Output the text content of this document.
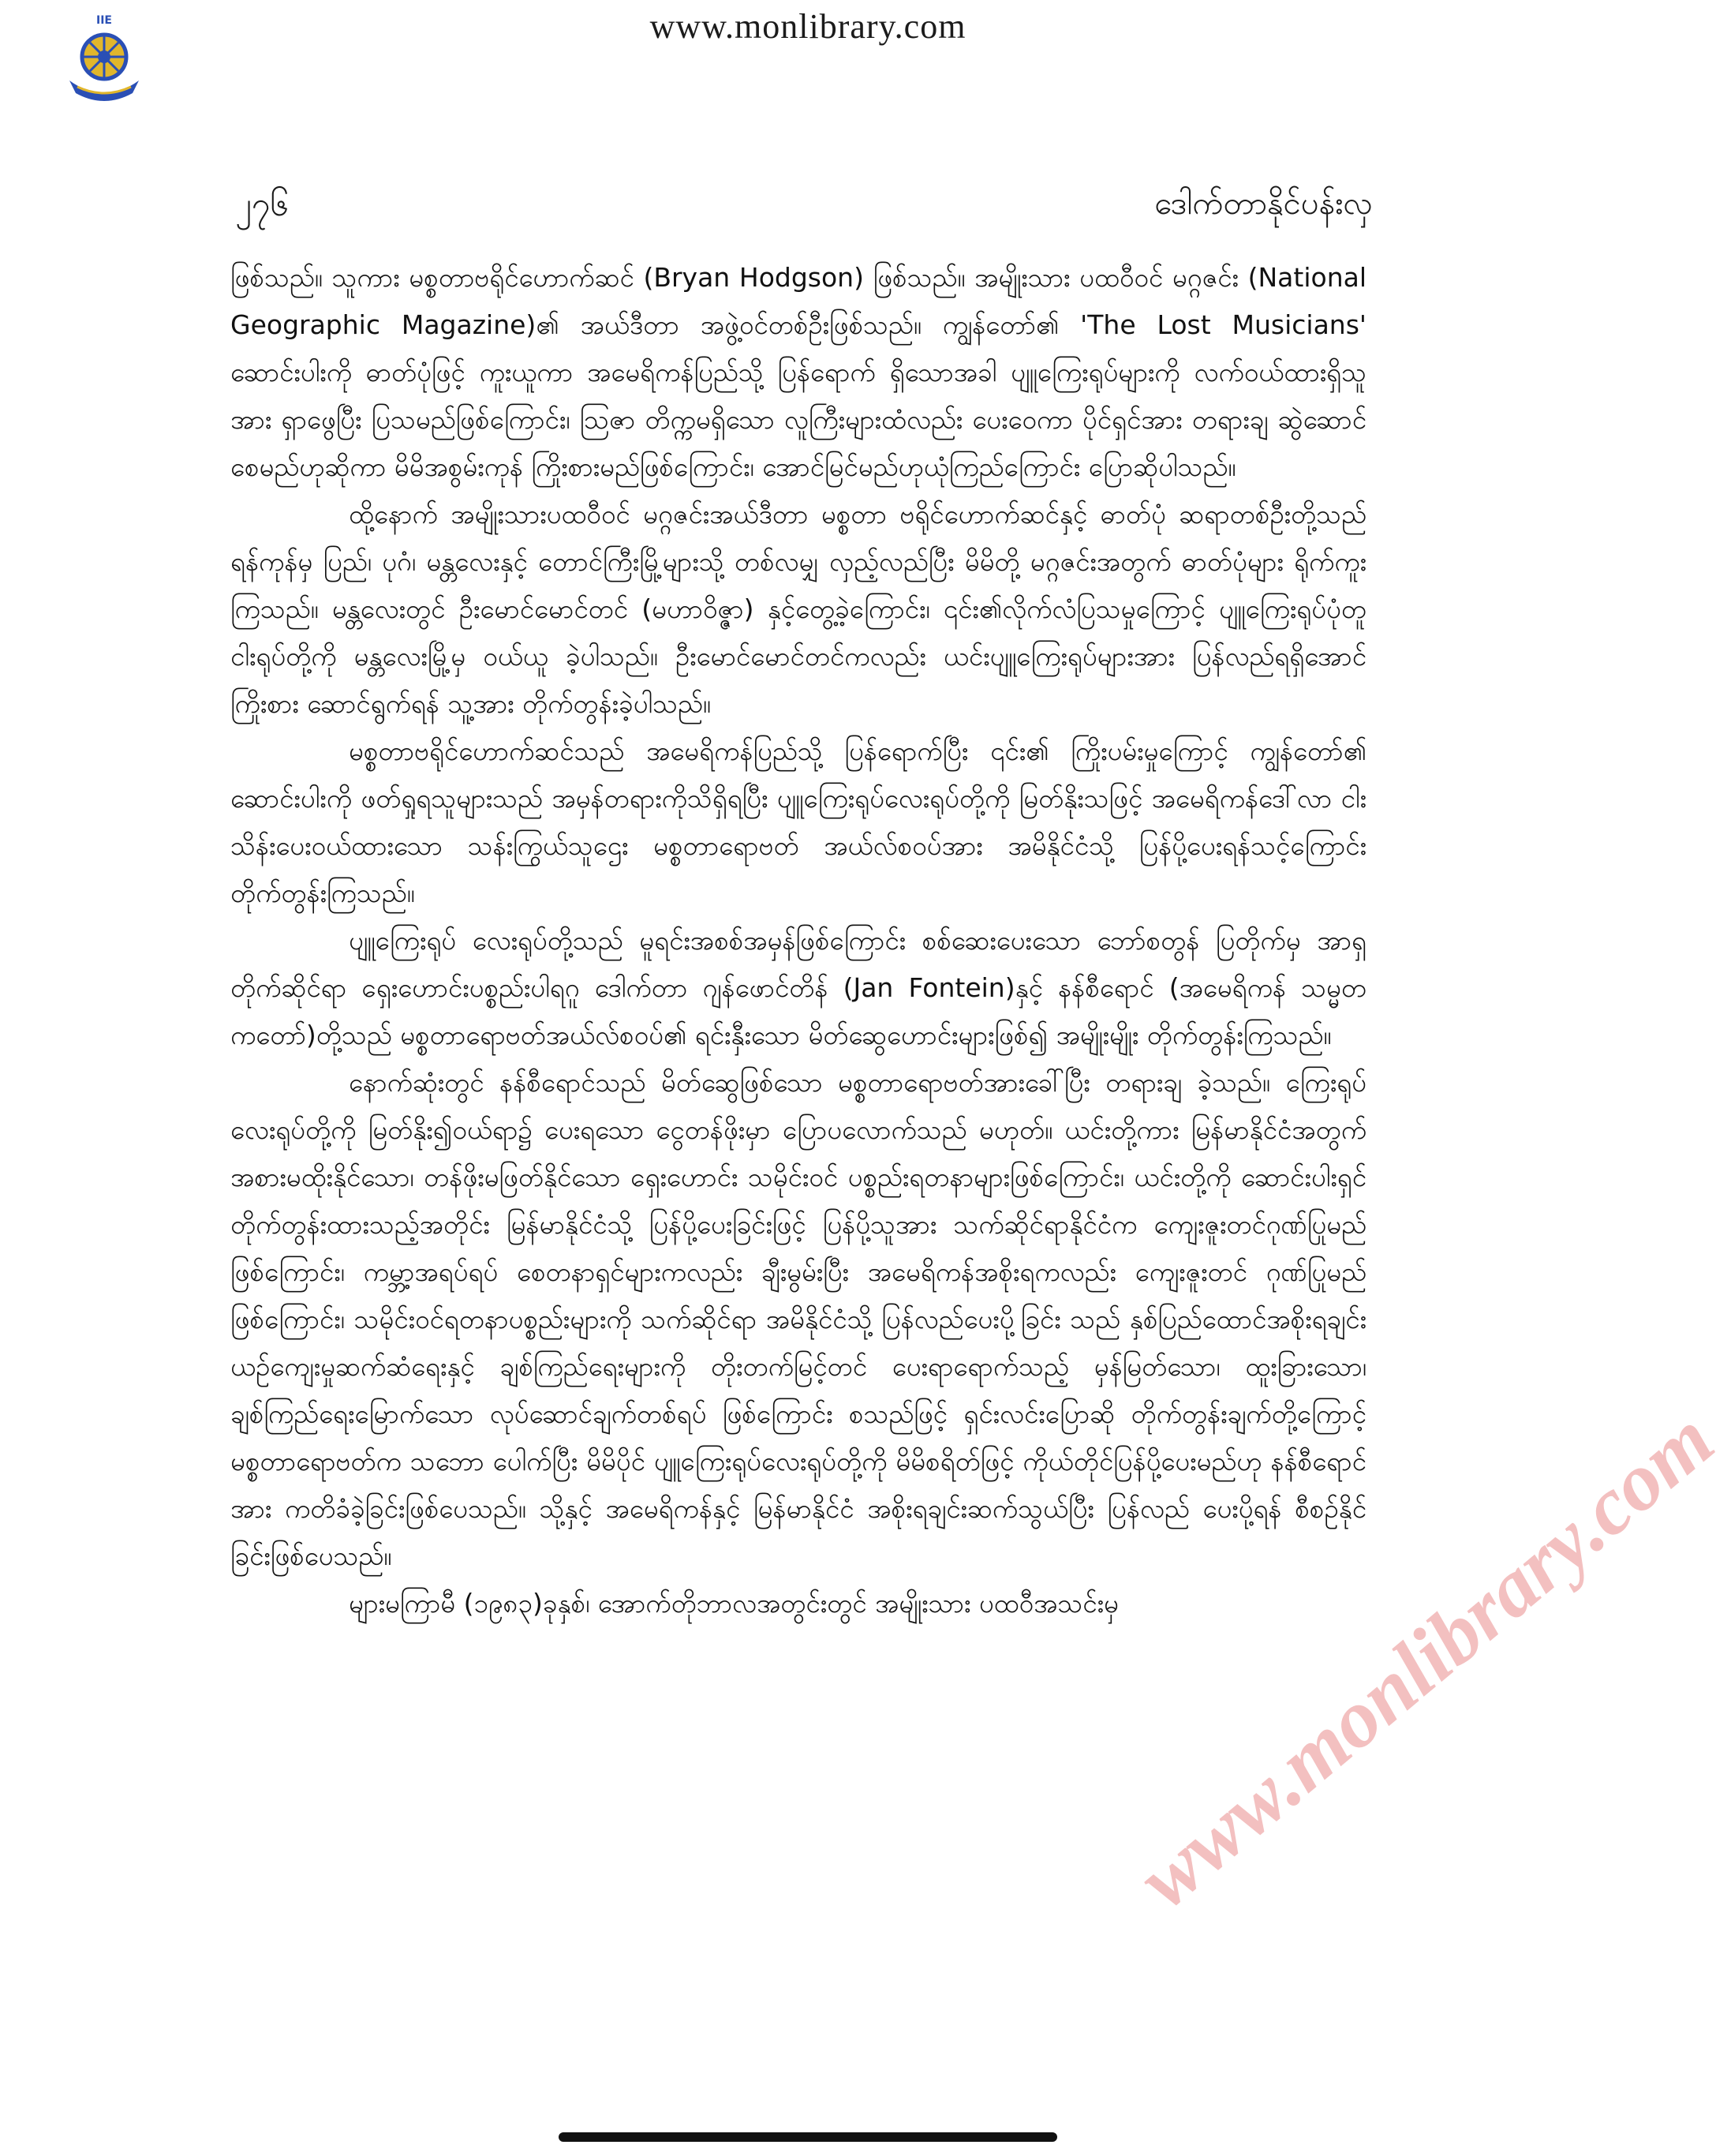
www.monlibrary.com
IIE
၂၇၆	ဒေါက်တာနိုင်ပန်းလှ

ဖြစ်သည်။ သူကား မစ္စတာဗရိုင်ဟောက်ဆင် (Bryan Hodgson) ဖြစ်သည်။ အမျိုးသား ပထဝီဝင် မဂ္ဂဇင်း (National Geographic Magazine)၏ အယ်ဒီတာ အဖွဲ့ဝင်တစ်ဦးဖြစ်သည်။ ကျွန်တော်၏ 'The Lost Musicians' ဆောင်းပါးကို ဓာတ်ပုံဖြင့် ကူးယူကာ အမေရိကန်ပြည်သို့ ပြန်ရောက် ရှိသောအခါ ပျူကြေးရုပ်များကို လက်ဝယ်ထားရှိသူအား ရှာဖွေပြီး ပြသမည်ဖြစ်ကြောင်း၊ သြဇာ တိက္ကမရှိသော လူကြီးများထံလည်း ပေးဝေကာ ပိုင်ရှင်အား တရားချ ဆွဲဆောင်စေမည်ဟုဆိုကာ မိမိအစွမ်းကုန် ကြိုးစားမည်ဖြစ်ကြောင်း၊ အောင်မြင်မည်ဟုယုံကြည်ကြောင်း ပြောဆိုပါသည်။

ထို့နောက် အမျိုးသားပထဝီဝင် မဂ္ဂဇင်းအယ်ဒီတာ မစ္စတာ ဗရိုင်ဟောက်ဆင်နှင့် ဓာတ်ပုံ ဆရာတစ်ဦးတို့သည် ရန်ကုန်မှ ပြည်၊ ပုဂံ၊ မန္တလေးနှင့် တောင်ကြီးမြို့များသို့ တစ်လမျှ လှည့်လည်ပြီး မိမိတို့ မဂ္ဂဇင်းအတွက် ဓာတ်ပုံများ ရိုက်ကူးကြသည်။ မန္တလေးတွင် ဦးမောင်မောင်တင် (မဟာဝိဇ္ဇာ) နှင့်တွေ့ခဲ့ကြောင်း၊ ၎င်း၏လိုက်လံပြသမှုကြောင့် ပျူကြေးရုပ်ပုံတူ ငါးရုပ်တို့ကို မန္တလေးမြို့မှ ဝယ်ယူ ခဲ့ပါသည်။ ဦးမောင်မောင်တင်ကလည်း ယင်းပျူကြေးရုပ်များအား ပြန်လည်ရရှိအောင် ကြိုးစား ဆောင်ရွက်ရန် သူ့အား တိုက်တွန်းခဲ့ပါသည်။

မစ္စတာဗရိုင်ဟောက်ဆင်သည် အမေရိကန်ပြည်သို့ ပြန်ရောက်ပြီး ၎င်း၏ ကြိုးပမ်းမှုကြောင့် ကျွန်တော်၏ ဆောင်းပါးကို ဖတ်ရှုရသူများသည် အမှန်တရားကိုသိရှိရပြီး ပျူကြေးရုပ်လေးရုပ်တို့ကို မြတ်နိုးသဖြင့် အမေရိကန်ဒေါ်လာ ငါးသိန်းပေးဝယ်ထားသော သန်းကြွယ်သူဌေး မစ္စတာရောဗတ် အယ်လ်စဝပ်အား အမိနိုင်ငံသို့ ပြန်ပို့ပေးရန်သင့်ကြောင်း တိုက်တွန်းကြသည်။

ပျူကြေးရုပ် လေးရုပ်တို့သည် မူရင်းအစစ်အမှန်ဖြစ်ကြောင်း စစ်ဆေးပေးသော ဘော်စတွန် ပြတိုက်မှ အာရှတိုက်ဆိုင်ရာ ရှေးဟောင်းပစ္စည်းပါရဂူ ဒေါက်တာ ဂျန်ဖောင်တိန် (Jan Fontein)နှင့် နန်စီရောင် (အမေရိကန် သမ္မတကတော်)တို့သည် မစ္စတာရောဗတ်အယ်လ်စဝပ်၏ ရင်းနှီးသော မိတ်ဆွေဟောင်းများဖြစ်၍ အမျိုးမျိုး တိုက်တွန်းကြသည်။

နောက်ဆုံးတွင် နန်စီရောင်သည် မိတ်ဆွေဖြစ်သော မစ္စတာရောဗတ်အားခေါ်ပြီး တရားချ ခဲ့သည်။ ကြေးရုပ်လေးရုပ်တို့ကို မြတ်နိုး၍ဝယ်ရာ၌ ပေးရသော ငွေတန်ဖိုးမှာ ပြောပလောက်သည် မဟုတ်။ ယင်းတို့ကား မြန်မာနိုင်ငံအတွက် အစားမထိုးနိုင်သော၊ တန်ဖိုးမဖြတ်နိုင်သော ရှေးဟောင်း သမိုင်းဝင် ပစ္စည်းရတနာများဖြစ်ကြောင်း၊ ယင်းတို့ကို ဆောင်းပါးရှင် တိုက်တွန်းထားသည့်အတိုင်း မြန်မာနိုင်ငံသို့ ပြန်ပို့ပေးခြင်းဖြင့် ပြန်ပို့သူအား သက်ဆိုင်ရာနိုင်ငံက ကျေးဇူးတင်ဂုဏ်ပြုမည်ဖြစ်ကြောင်း၊ ကမ္ဘာ့အရပ်ရပ် စေတနာရှင်များကလည်း ချီးမွမ်းပြီး အမေရိကန်အစိုးရကလည်း ကျေးဇူးတင် ဂုဏ်ပြုမည်ဖြစ်ကြောင်း၊ သမိုင်းဝင်ရတနာပစ္စည်းများကို သက်ဆိုင်ရာ အမိနိုင်ငံသို့ ပြန်လည်ပေးပို့ခြင်း သည် နှစ်ပြည်ထောင်အစိုးရချင်း ယဉ်ကျေးမှုဆက်ဆံရေးနှင့် ချစ်ကြည်ရေးများကို တိုးတက်မြင့်တင် ပေးရာရောက်သည့် မှန်မြတ်သော၊ ထူးခြားသော၊ ချစ်ကြည်ရေးမြောက်သော လုပ်ဆောင်ချက်တစ်ရပ် ဖြစ်ကြောင်း စသည်ဖြင့် ရှင်းလင်းပြောဆို တိုက်တွန်းချက်တို့ကြောင့် မစ္စတာရောဗတ်က သဘော ပေါက်ပြီး မိမိပိုင် ပျူကြေးရုပ်လေးရုပ်တို့ကို မိမိစရိတ်ဖြင့် ကိုယ်တိုင်ပြန်ပို့ပေးမည်ဟု နန်စီရောင်အား ကတိခံခဲ့ခြင်းဖြစ်ပေသည်။ သို့နှင့် အမေရိကန်နှင့် မြန်မာနိုင်ငံ အစိုးရချင်းဆက်သွယ်ပြီး ပြန်လည် ပေးပို့ရန် စီစဉ်နိုင်ခြင်းဖြစ်ပေသည်။

များမကြာမီ (၁၉၈၃)ခုနှစ်၊ အောက်တိုဘာလအတွင်းတွင် အမျိုးသား ပထဝီအသင်းမှ www.monlibrary.com
